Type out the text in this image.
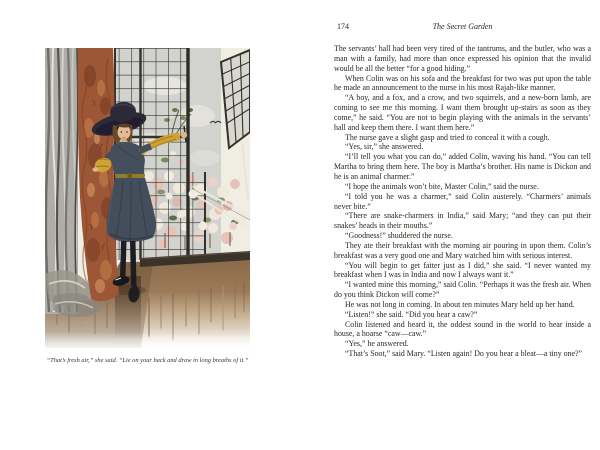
“That’s fresh air,” she said. “Lie on your back and draw in long breaths of it.”
174	The Secret Garden

The servants’ hall had been very tired of the tantrums, and the butler, who was a man with a family, had more than once expressed his opinion that the invalid would be all the better “for a good hiding.”

When Colin was on his sofa and the breakfast for two was put upon the table he made an announcement to the nurse in his most Rajah-like manner.

“A boy, and a fox, and a crow, and two squirrels, and a new-born lamb, are coming to see me this morning. I want them brought up-stairs as soon as they come,” he said. “You are not to begin playing with the animals in the servants’ hall and keep them there. I want them here.”

The nurse gave a slight gasp and tried to conceal it with a cough.

“Yes, sir,” she answered.

“I’ll tell you what you can do,” added Colin, waving his hand. “You can tell Martha to bring them here. The boy is Martha’s brother. His name is Dickon and he is an animal charmer.”

“I hope the animals won’t bite, Master Colin,” said the nurse.

“I told you he was a charmer,” said Colin austerely. “Charmers’ animals never bite.”

“There are snake-charmers in India,” said Mary; “and they can put their snakes’ heads in their mouths.”

“Goodness!” shuddered the nurse.

They ate their breakfast with the morning air pouring in upon them. Colin’s breakfast was a very good one and Mary watched him with serious interest.

“You will begin to get fatter just as I did,” she said. “I never wanted my breakfast when I was in India and now I always want it.”

“I wanted mine this morning,” said Colin. “Perhaps it was the fresh air. When do you think Dickon will come?”

He was not long in coming. In about ten minutes Mary held up her hand.

“Listen!” she said. “Did you hear a caw?”

Colin listened and heard it, the oddest sound in the world to hear inside a house, a hoarse “caw—caw.”

“Yes,” he answered.

“That’s Soot,” said Mary. “Listen again! Do you hear a bleat—a tiny one?”
